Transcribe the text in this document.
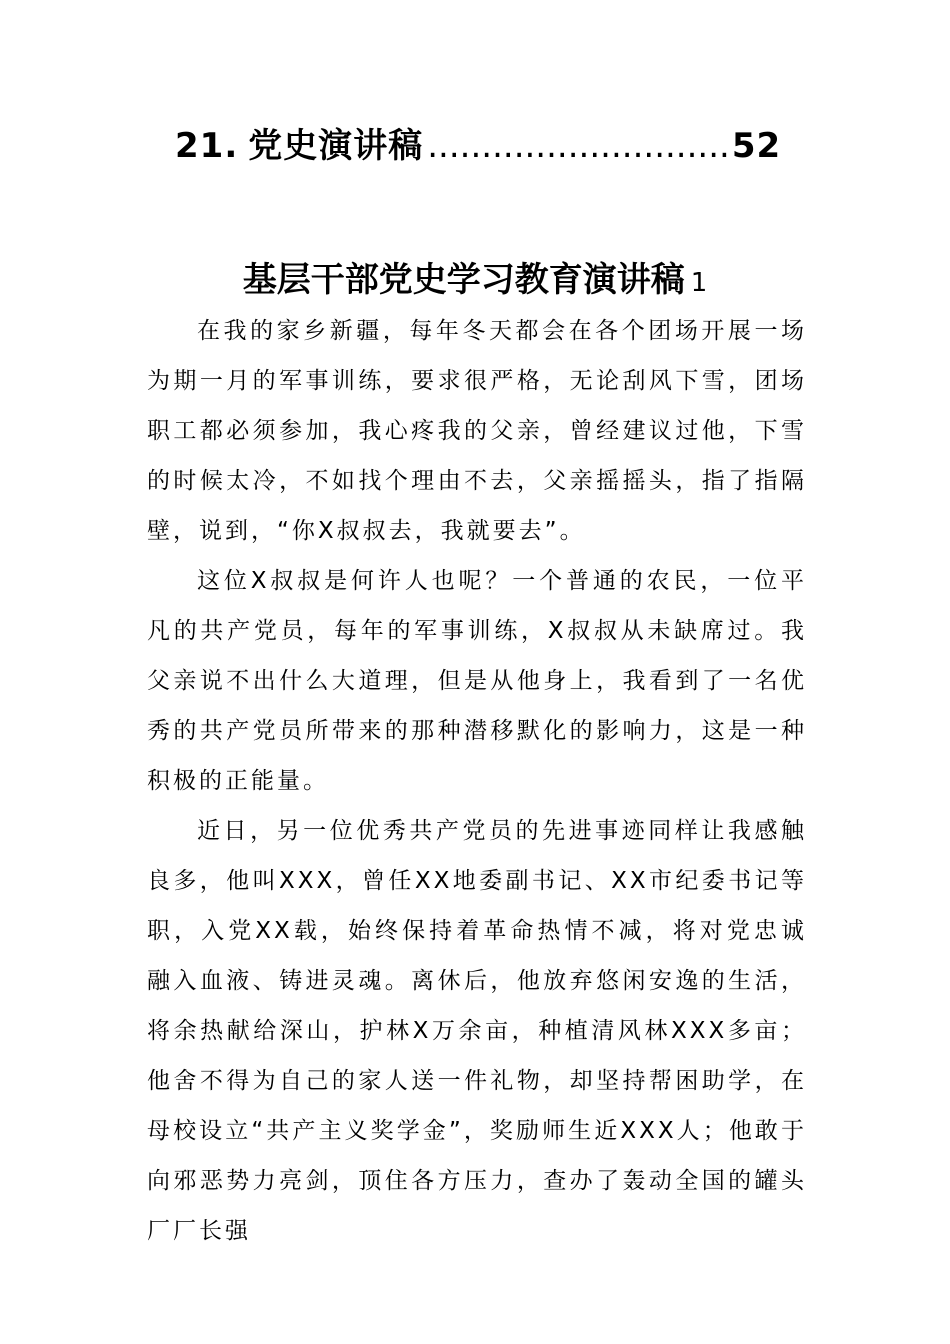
21. 党史演讲稿 ............................ 52
基层干部党史学习教育演讲稿 1

在我的家乡新疆，每年冬天都会在各个团场开展一场为期一月的军事训练，要求很严格，无论刮风下雪，团场职工都必须参加，我心疼我的父亲，曾经建议过他，下雪的时候太冷，不如找个理由不去，父亲摇摇头，指了指隔壁，说到，“你X叔叔去，我就要去”。

这位X叔叔是何许人也呢？一个普通的农民，一位平凡的共产党员，每年的军事训练，X叔叔从未缺席过。我父亲说不出什么大道理，但是从他身上，我看到了一名优秀的共产党员所带来的那种潜移默化的影响力，这是一种积极的正能量。

近日，另一位优秀共产党员的先进事迹同样让我感触良多，他叫XXX，曾任XX地委副书记、XX市纪委书记等职，入党XX载，始终保持着革命热情不减，将对党忠诚融入血液、铸进灵魂。离休后，他放弃悠闲安逸的生活，将余热献给深山，护林X万余亩，种植清风林XXX多亩；他舍不得为自己的家人送一件礼物，却坚持帮困助学，在母校设立“共产主义奖学金”，奖励师生近XXX人；他敢于向邪恶势力亮剑，顶住各方压力，查办了轰动全国的罐头厂厂长强
